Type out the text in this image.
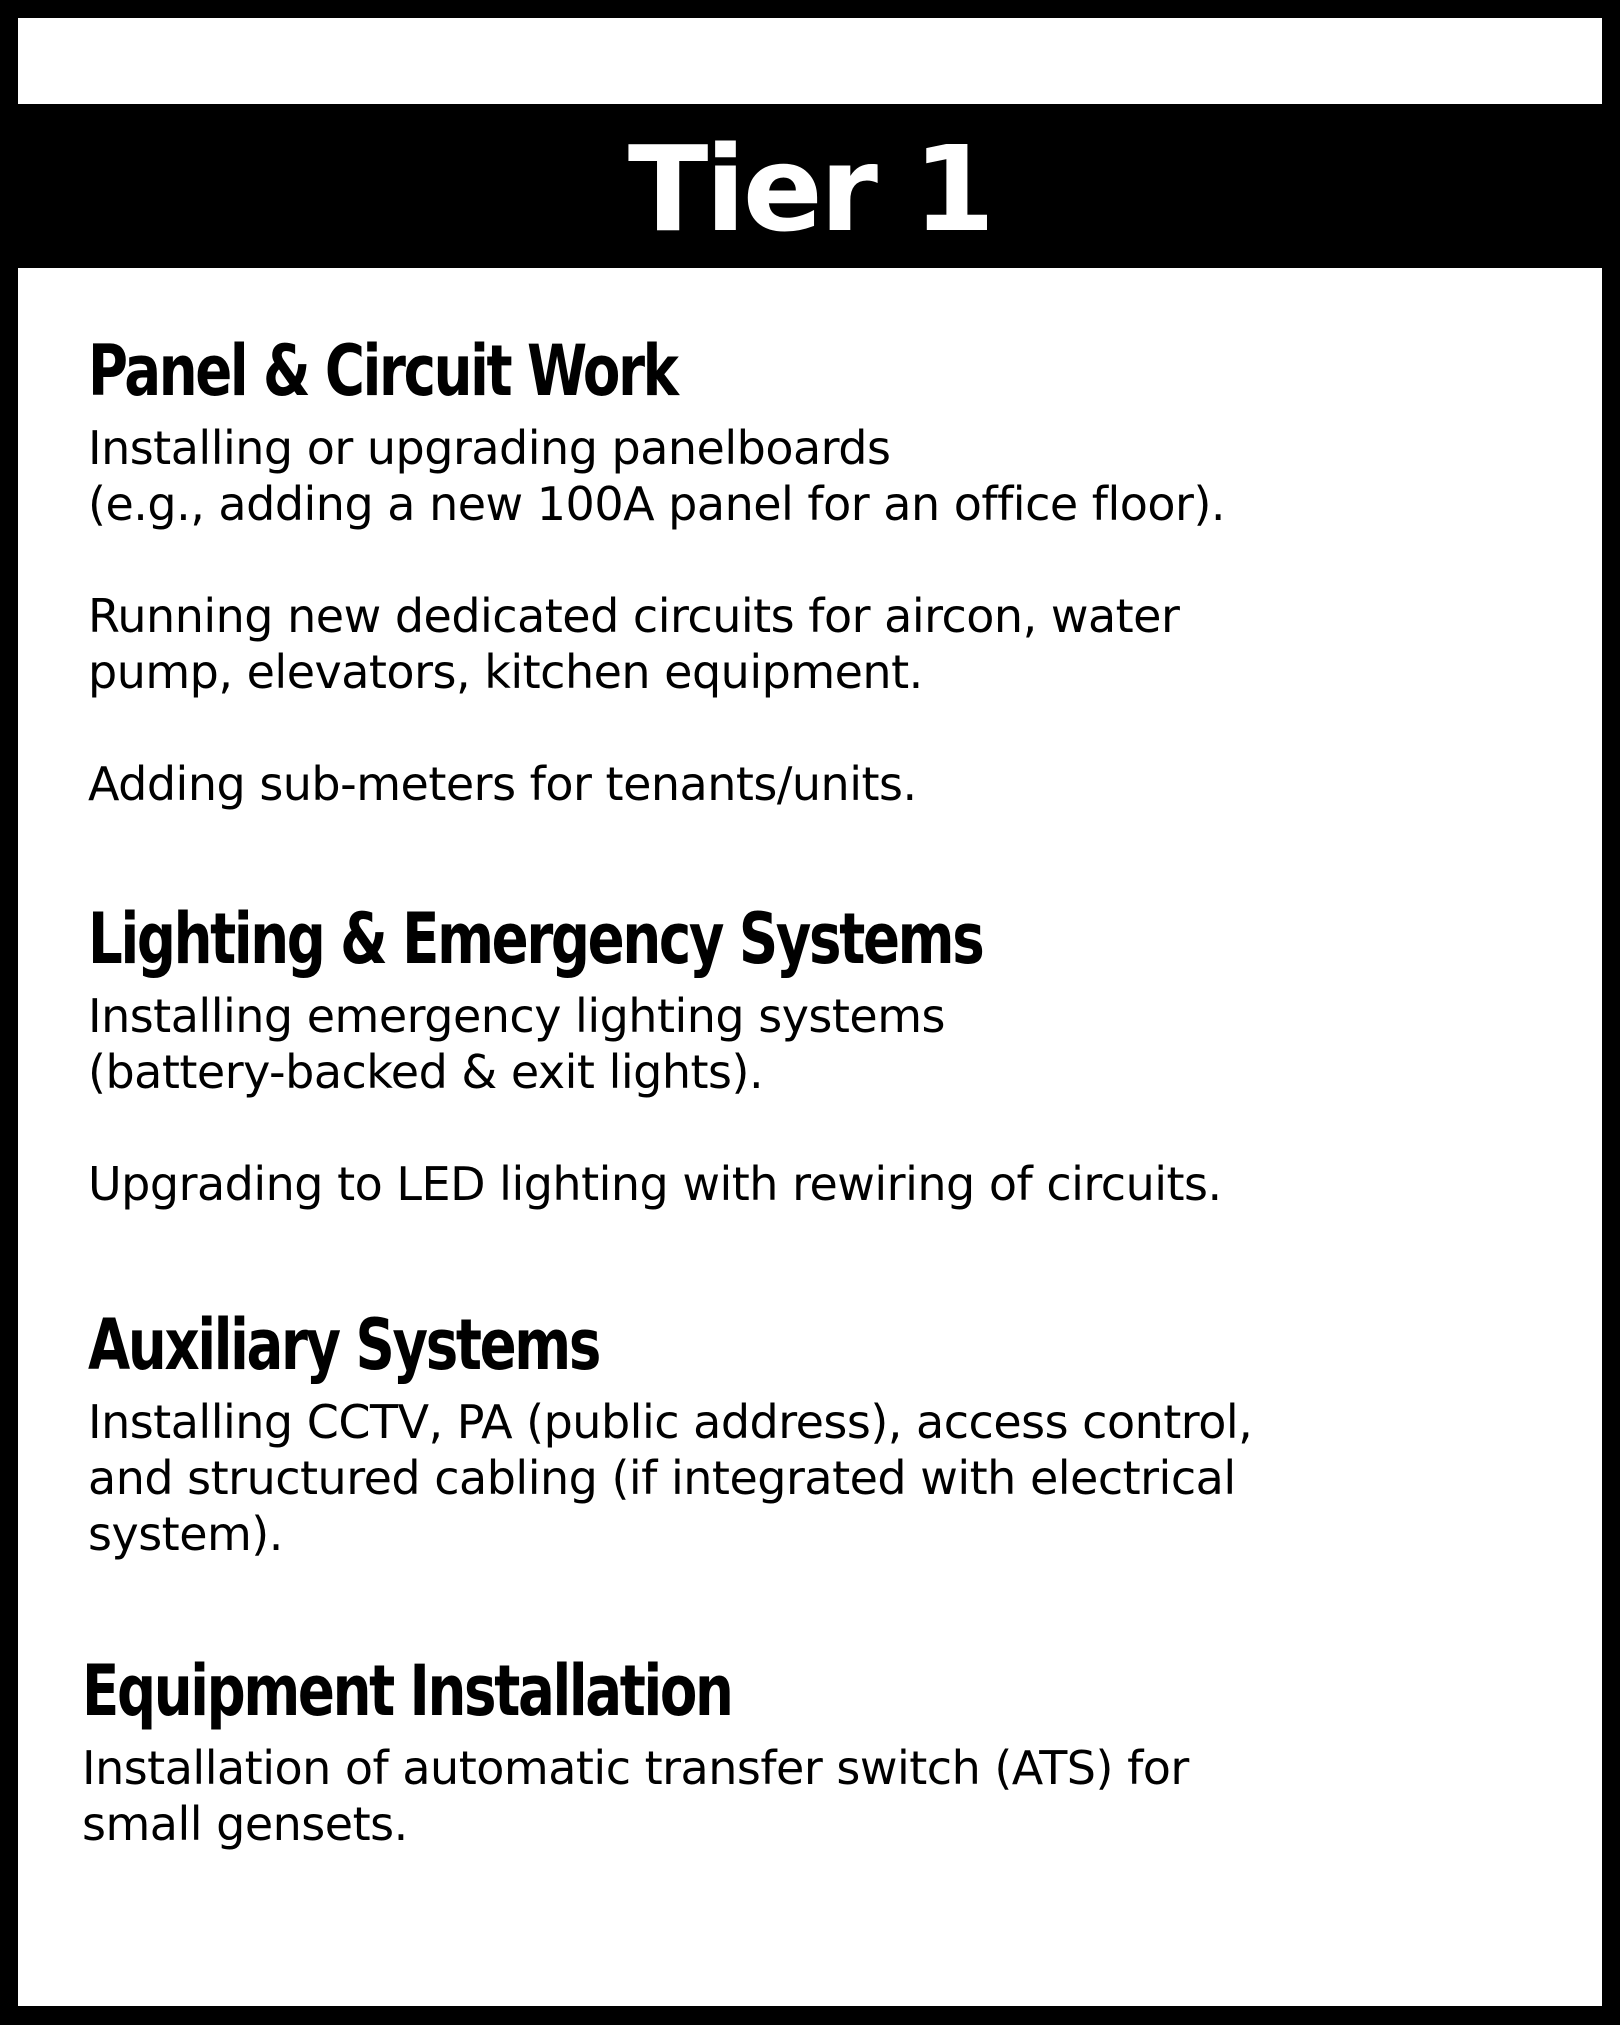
Tier 1
Panel & Circuit Work

Installing or upgrading panelboards
(e.g., adding a new 100A panel for an office floor).

Running new dedicated circuits for aircon, water
pump, elevators, kitchen equipment.

Adding sub-meters for tenants/units.

Lighting & Emergency Systems

Installing emergency lighting systems
(battery-backed & exit lights).

Upgrading to LED lighting with rewiring of circuits.

Auxiliary Systems

Installing CCTV, PA (public address), access control,
and structured cabling (if integrated with electrical
system).

Equipment Installation

Installation of automatic transfer switch (ATS) for
small gensets.
